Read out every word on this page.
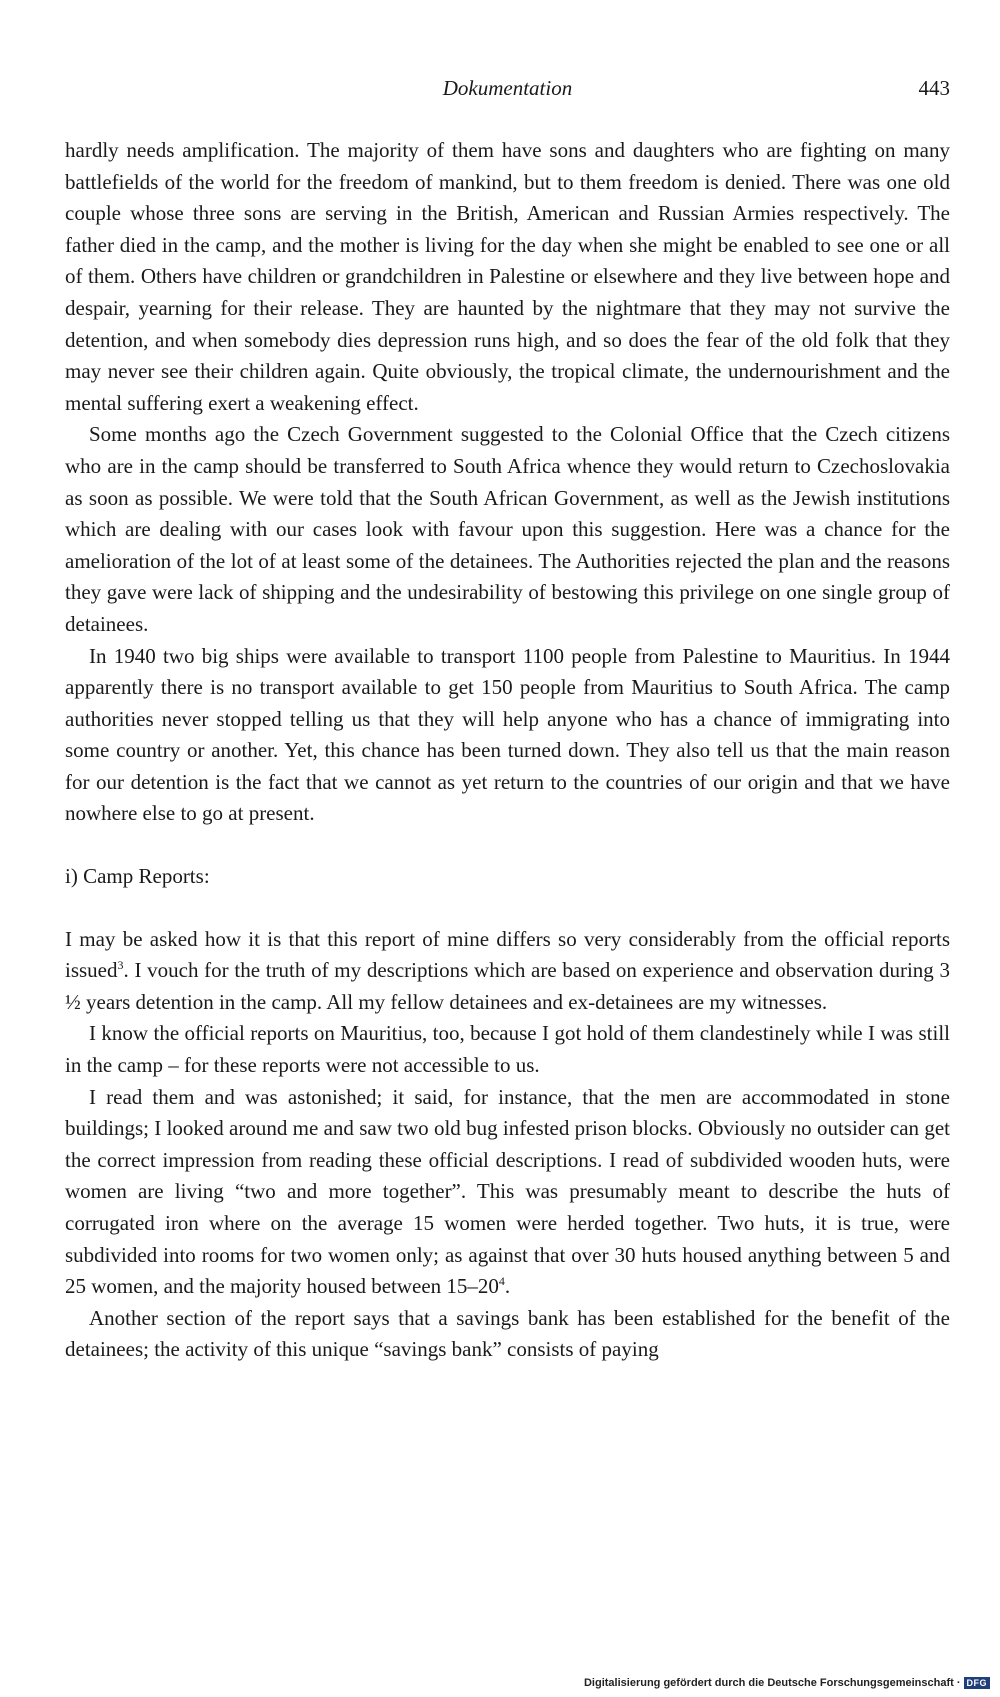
Dokumentation	443

hardly needs amplification. The majority of them have sons and daughters who are fighting on many battlefields of the world for the freedom of mankind, but to them freedom is denied. There was one old couple whose three sons are serving in the British, American and Russian Armies respectively. The father died in the camp, and the mother is living for the day when she might be enabled to see one or all of them. Others have children or grandchildren in Palestine or elsewhere and they live between hope and despair, yearning for their release. They are haunted by the nightmare that they may not survive the detention, and when somebody dies depression runs high, and so does the fear of the old folk that they may never see their children again. Quite obviously, the tropical climate, the undernourishment and the mental suffering exert a weakening effect.

Some months ago the Czech Government suggested to the Colonial Office that the Czech citizens who are in the camp should be transferred to South Africa whence they would return to Czechoslovakia as soon as possible. We were told that the South African Government, as well as the Jewish institutions which are dealing with our cases look with favour upon this suggestion. Here was a chance for the amelioration of the lot of at least some of the detainees. The Authorities rejected the plan and the reasons they gave were lack of shipping and the undesirability of bestowing this privilege on one single group of detainees.

In 1940 two big ships were available to transport 1100 people from Palestine to Mauritius. In 1944 apparently there is no transport available to get 150 people from Mauritius to South Africa. The camp authorities never stopped telling us that they will help anyone who has a chance of immigrating into some country or another. Yet, this chance has been turned down. They also tell us that the main reason for our detention is the fact that we cannot as yet return to the countries of our origin and that we have nowhere else to go at present.

i) Camp Reports:

I may be asked how it is that this report of mine differs so very considerably from the official reports issued$^3$. I vouch for the truth of my descriptions which are based on experience and observation during 3 ½ years detention in the camp. All my fellow detainees and ex-detainees are my witnesses.

I know the official reports on Mauritius, too, because I got hold of them clandestinely while I was still in the camp – for these reports were not accessible to us.

I read them and was astonished; it said, for instance, that the men are accommodated in stone buildings; I looked around me and saw two old bug infested prison blocks. Obviously no outsider can get the correct impression from reading these official descriptions. I read of subdivided wooden huts, were women are living “two and more together”. This was presumably meant to describe the huts of corrugated iron where on the average 15 women were herded together. Two huts, it is true, were subdivided into rooms for two women only; as against that over 30 huts housed anything between 5 and 25 women, and the majority housed between $15-20^4$.

Another section of the report says that a savings bank has been established for the benefit of the detainees; the activity of this unique “savings bank” consists of paying

Digitalisierung gefördert durch die Deutsche Forschungsgemeinschaft · DFG
